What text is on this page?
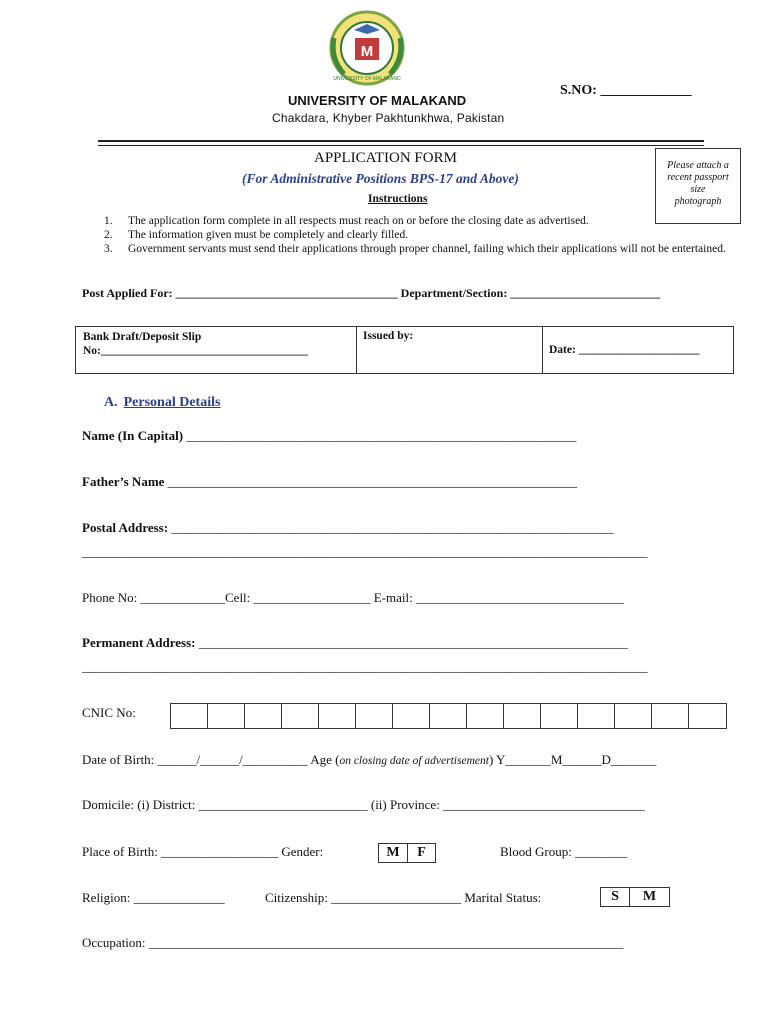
M
UNIVERSITY OF MALAKAND
S.NO: _____________
UNIVERSITY OF MALAKAND
Chakdara, Khyber Pakhtunkhwa, Pakistan
APPLICATION FORM
(For Administrative Positions BPS-17 and Above)
Instructions
Please attach a
recent passport
size
photograph
1.	The application form complete in all respects must reach on or before the closing date as advertised.
2.	The information given must be completely and clearly filled.
3.	Government servants must send their applications through proper channel, failing which their applications will not be entertained.
Post Applied For: _____________________________________ Department/Section: _________________________
Bank Draft/Deposit Slip
No:____________________________________
Issued by:
Date: _____________________
A. Personal Details
Name (In Capital) ____________________________________________________________
Father’s Name _______________________________________________________________
Postal Address: ____________________________________________________________________
_______________________________________________________________________________________
Phone No: _____________Cell: __________________ E-mail: ________________________________
Permanent Address: __________________________________________________________________
_______________________________________________________________________________________
CNIC No:
Date of Birth: ______/______/__________ Age (on closing date of advertisement) Y_______M______D_______
Domicile: (i) District: __________________________ (ii) Province: _______________________________
Place of Birth: __________________ Gender:	M	F	Blood Group: ________
Religion: ______________	Citizenship: ____________________ Marital Status:	S	M
Occupation: _________________________________________________________________________
